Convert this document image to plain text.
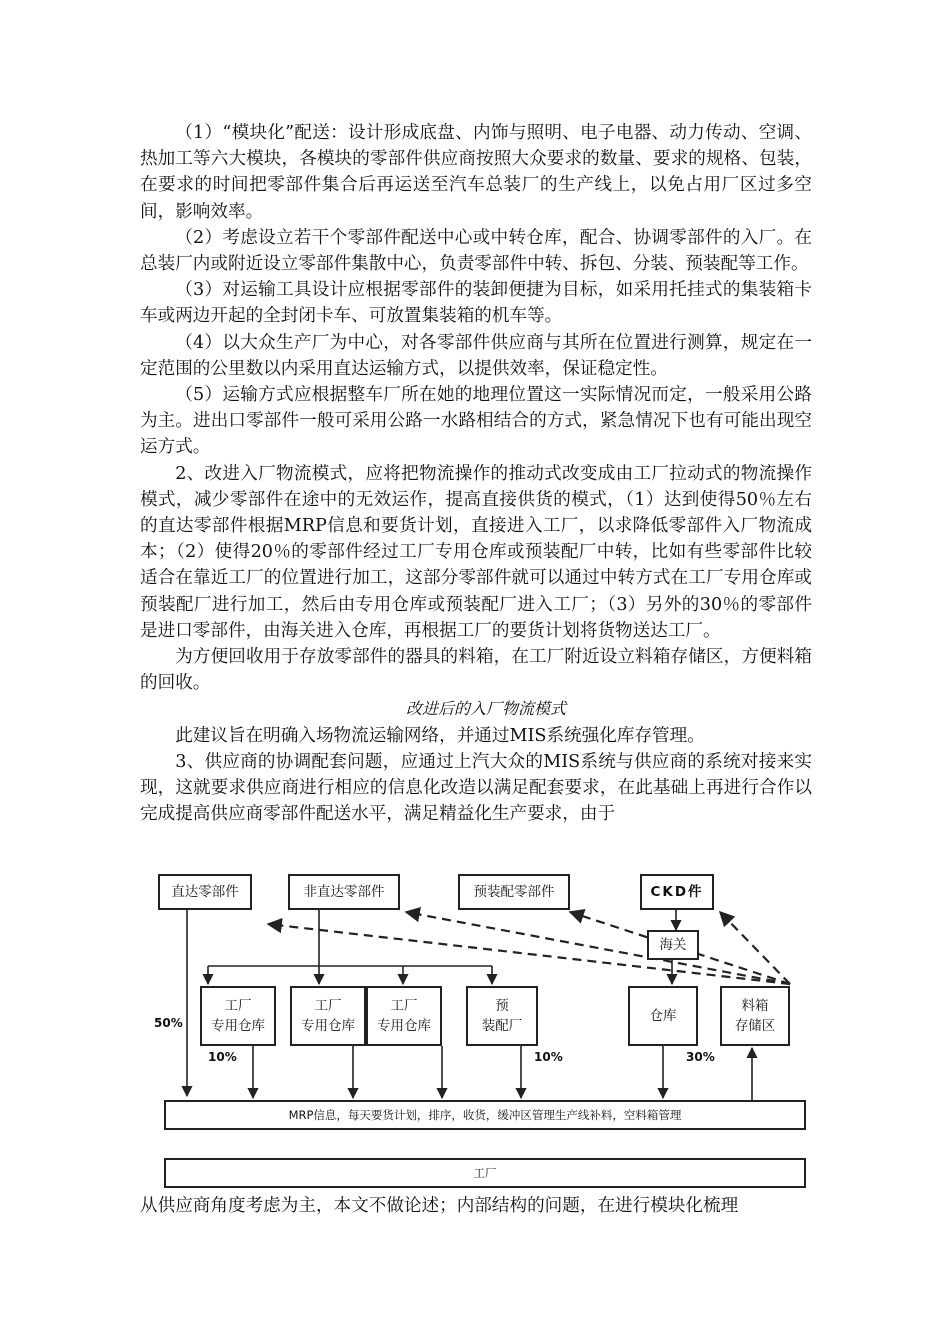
（1）“模块化”配送：设计形成底盘、内饰与照明、电子电器、动力传动、空调、热加工等六大模块，各模块的零部件供应商按照大众要求的数量、要求的规格、包装，在要求的时间把零部件集合后再运送至汽车总装厂的生产线上，以免占用厂区过多空间，影响效率。

（2）考虑设立若干个零部件配送中心或中转仓库，配合、协调零部件的入厂。在总装厂内或附近设立零部件集散中心，负责零部件中转、拆包、分装、预装配等工作。

（3）对运输工具设计应根据零部件的装卸便捷为目标，如采用托挂式的集装箱卡车或两边开起的全封闭卡车、可放置集装箱的机车等。

（4）以大众生产厂为中心，对各零部件供应商与其所在位置进行测算，规定在一定范围的公里数以内采用直达运输方式，以提供效率，保证稳定性。

（5）运输方式应根据整车厂所在她的地理位置这一实际情况而定，一般采用公路为主。进出口零部件一般可采用公路一水路相结合的方式，紧急情况下也有可能出现空运方式。

2、改进入厂物流模式，应将把物流操作的推动式改变成由工厂拉动式的物流操作模式，减少零部件在途中的无效运作，提高直接供货的模式，（1）达到使得50％左右的直达零部件根据MRP信息和要货计划，直接进入工厂，以求降低零部件入厂物流成本；（2）使得20％的零部件经过工厂专用仓库或预装配厂中转，比如有些零部件比较适合在靠近工厂的位置进行加工，这部分零部件就可以通过中转方式在工厂专用仓库或预装配厂进行加工，然后由专用仓库或预装配厂进入工厂；（3）另外的30％的零部件是进口零部件，由海关进入仓库，再根据工厂的要货计划将货物送达工厂。

为方便回收用于存放零部件的器具的料箱，在工厂附近设立料箱存储区，方便料箱的回收。

改进后的入厂物流模式

此建议旨在明确入场物流运输网络，并通过MIS系统强化库存管理。

3、供应商的协调配套问题，应通过上汽大众的MIS系统与供应商的系统对接来实现，这就要求供应商进行相应的信息化改造以满足配套要求，在此基础上再进行合作以完成提高供应商零部件配送水平，满足精益化生产要求，由于

直达零部件	非直达零部件	预装配零部件	CKD件
海关
工厂
专用仓库
工厂
专用仓库
工厂
专用仓库
预
装配厂
仓库
料箱
存储区
50%
10%	10%	30%
MRP信息，每天要货计划，排序，收货，缓冲区管理生产线补料，空料箱管理
工厂

从供应商角度考虑为主，本文不做论述；内部结构的问题，在进行模块化梳理
